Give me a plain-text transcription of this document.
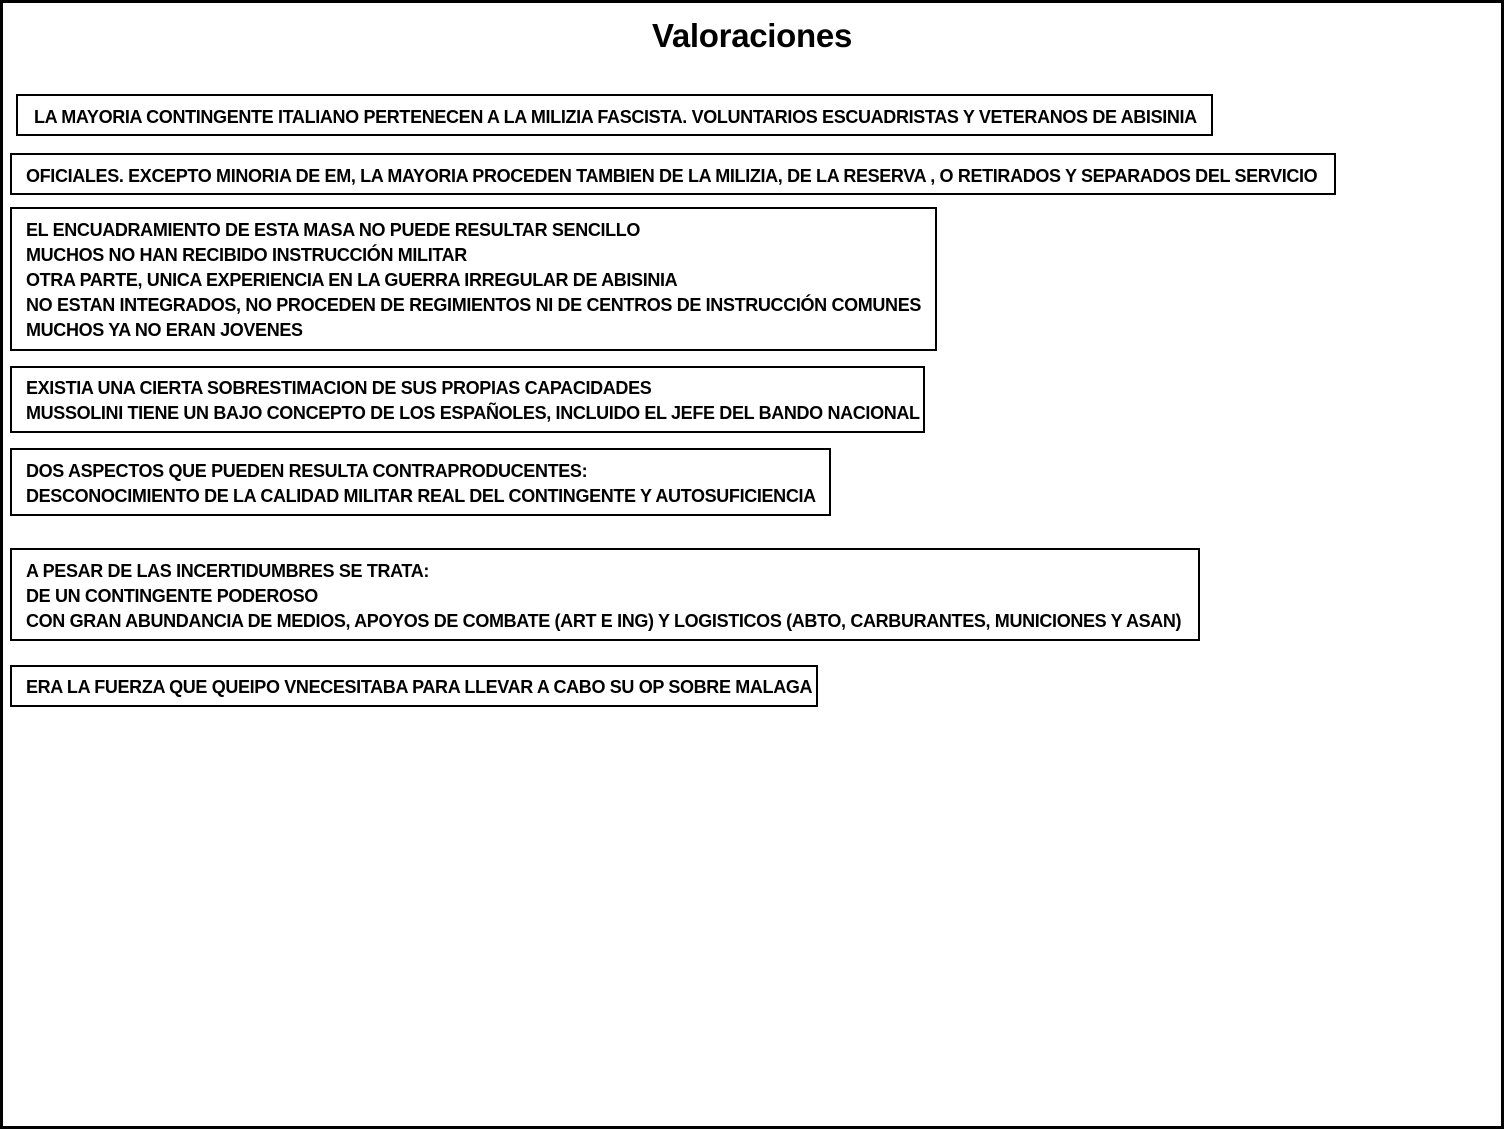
Valoraciones
LA MAYORIA CONTINGENTE ITALIANO PERTENECEN A LA MILIZIA FASCISTA. VOLUNTARIOS ESCUADRISTAS Y VETERANOS DE ABISINIA
OFICIALES. EXCEPTO MINORIA DE EM, LA MAYORIA PROCEDEN TAMBIEN DE LA MILIZIA, DE LA RESERVA , O RETIRADOS Y SEPARADOS DEL SERVICIO
EL ENCUADRAMIENTO DE ESTA MASA NO PUEDE RESULTAR SENCILLO
MUCHOS NO HAN RECIBIDO INSTRUCCIÓN MILITAR
OTRA PARTE, UNICA EXPERIENCIA EN LA GUERRA IRREGULAR DE ABISINIA
NO ESTAN INTEGRADOS, NO PROCEDEN DE REGIMIENTOS NI DE CENTROS DE INSTRUCCIÓN COMUNES
MUCHOS YA NO ERAN JOVENES
EXISTIA UNA CIERTA SOBRESTIMACION DE SUS PROPIAS CAPACIDADES
MUSSOLINI TIENE UN BAJO CONCEPTO DE LOS ESPAÑOLES, INCLUIDO EL JEFE DEL BANDO NACIONAL
DOS ASPECTOS QUE PUEDEN RESULTA CONTRAPRODUCENTES:
DESCONOCIMIENTO DE LA CALIDAD MILITAR REAL DEL CONTINGENTE Y AUTOSUFICIENCIA
A PESAR DE LAS INCERTIDUMBRES SE TRATA:
DE UN CONTINGENTE PODEROSO
CON GRAN ABUNDANCIA DE MEDIOS, APOYOS DE COMBATE (ART E ING) Y LOGISTICOS (ABTO, CARBURANTES, MUNICIONES Y ASAN)
ERA LA FUERZA QUE QUEIPO VNECESITABA PARA LLEVAR A CABO SU OP SOBRE MALAGA
